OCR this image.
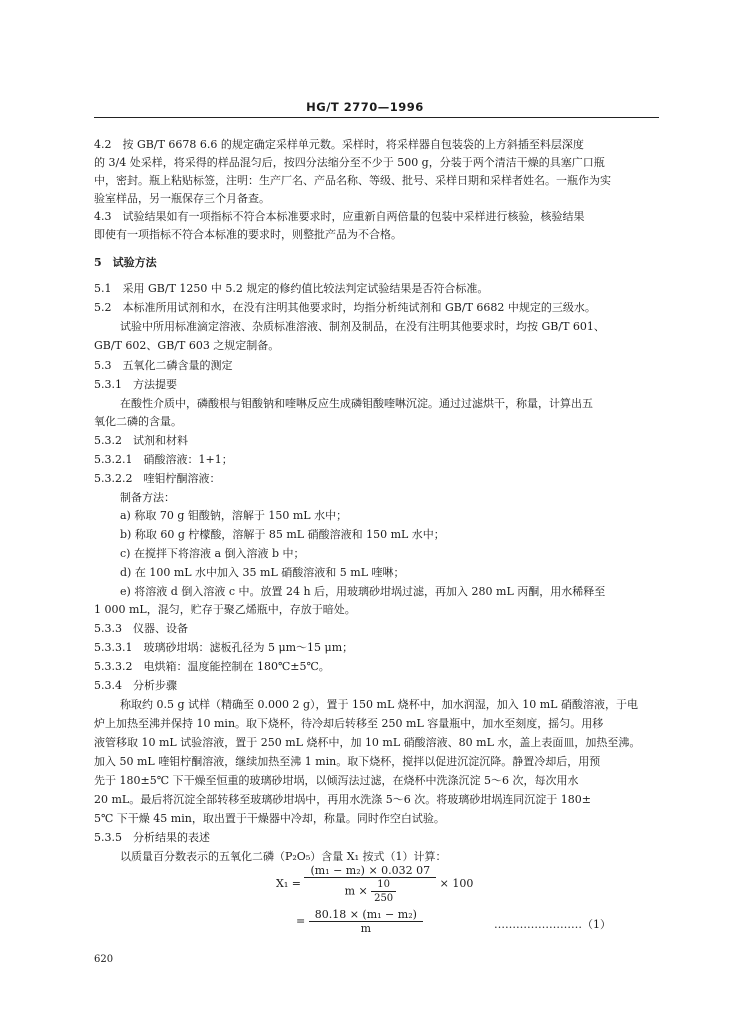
HG/T 2770—1996
4.2　按 GB/T 6678 6.6 的规定确定采样单元数。采样时，将采样器自包装袋的上方斜插至料层深度
的 3/4 处采样，将采得的样品混匀后，按四分法缩分至不少于 500 g，分装于两个清洁干燥的具塞广口瓶
中，密封。瓶上粘贴标签，注明：生产厂名、产品名称、等级、批号、采样日期和采样者姓名。一瓶作为实
验室样品，另一瓶保存三个月备查。
4.3　试验结果如有一项指标不符合本标准要求时，应重新自两倍量的包装中采样进行核验，核验结果
即使有一项指标不符合本标准的要求时，则整批产品为不合格。
5　试验方法
5.1　采用 GB/T 1250 中 5.2 规定的修约值比较法判定试验结果是否符合标准。
5.2　本标准所用试剂和水，在没有注明其他要求时，均指分析纯试剂和 GB/T 6682 中规定的三级水。
试验中所用标准滴定溶液、杂质标准溶液、制剂及制品，在没有注明其他要求时，均按 GB/T 601、
GB/T 602、GB/T 603 之规定制备。
5.3　五氧化二磷含量的测定
5.3.1　方法提要
在酸性介质中，磷酸根与钼酸钠和喹啉反应生成磷钼酸喹啉沉淀。通过过滤烘干，称量，计算出五
氧化二磷的含量。
5.3.2　试剂和材料
5.3.2.1　硝酸溶液：1+1；
5.3.2.2　喹钼柠酮溶液：
制备方法：
a) 称取 70 g 钼酸钠，溶解于 150 mL 水中；
b) 称取 60 g 柠檬酸，溶解于 85 mL 硝酸溶液和 150 mL 水中；
c) 在搅拌下将溶液 a 倒入溶液 b 中；
d) 在 100 mL 水中加入 35 mL 硝酸溶液和 5 mL 喹啉；
e) 将溶液 d 倒入溶液 c 中。放置 24 h 后，用玻璃砂坩埚过滤，再加入 280 mL 丙酮，用水稀释至
1 000 mL，混匀，贮存于聚乙烯瓶中，存放于暗处。
5.3.3　仪器、设备
5.3.3.1　玻璃砂坩埚：滤板孔径为 5 μm～15 μm；
5.3.3.2　电烘箱：温度能控制在 180℃±5℃。
5.3.4　分析步骤
称取约 0.5 g 试样（精确至 0.000 2 g），置于 150 mL 烧杯中，加水润湿，加入 10 mL 硝酸溶液，于电
炉上加热至沸并保持 10 min。取下烧杯，待冷却后转移至 250 mL 容量瓶中，加水至刻度，摇匀。用移
液管移取 10 mL 试验溶液，置于 250 mL 烧杯中，加 10 mL 硝酸溶液、80 mL 水，盖上表面皿，加热至沸。
加入 50 mL 喹钼柠酮溶液，继续加热至沸 1 min。取下烧杯，搅拌以促进沉淀沉降。静置冷却后，用预
先于 180±5℃ 下干燥至恒重的玻璃砂坩埚，以倾泻法过滤，在烧杯中洗涤沉淀 5～6 次，每次用水
20 mL。最后将沉淀全部转移至玻璃砂坩埚中，再用水洗涤 5～6 次。将玻璃砂坩埚连同沉淀于 180±
5℃ 下干燥 45 min，取出置于干燥器中冷却，称量。同时作空白试验。
5.3.5　分析结果的表述
以质量百分数表示的五氧化二磷（P₂O₅）含量 X₁ 按式（1）计算：
$X_1 = \frac{\text{(m₁ − m₂) × 0.032 07}}{m \times \frac{10}{250}} \times 100$
= $\frac{\text{80.18 × (m₁ − m₂)}}{m}$	……………………（1）
620
